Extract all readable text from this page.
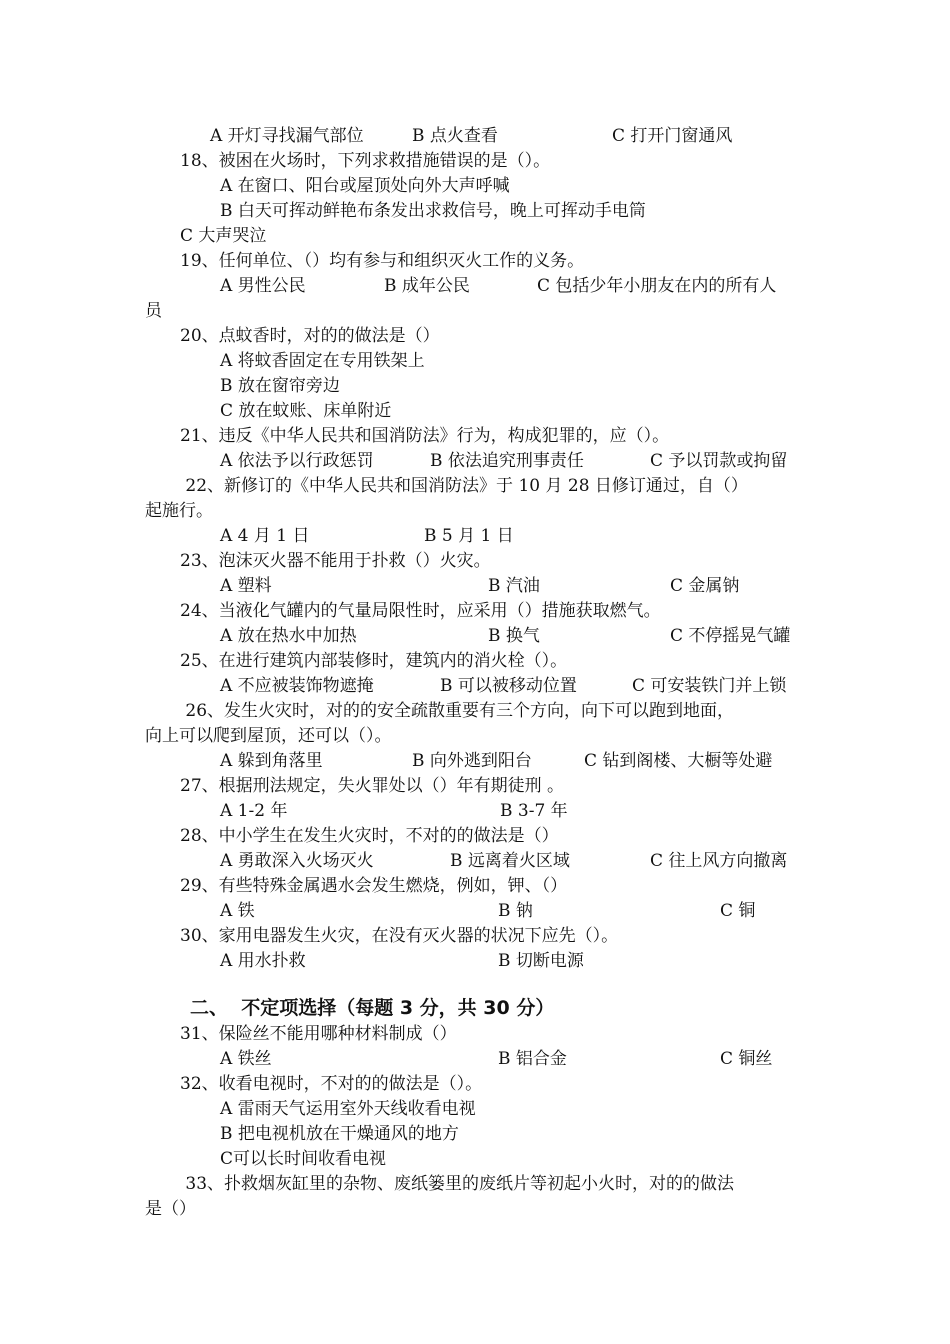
A 开灯寻找漏气部位	B 点火查看	C 打开门窗通风
18、被困在火场时，下列求救措施错误的是（）。
A 在窗口、阳台或屋顶处向外大声呼喊
B 白天可挥动鲜艳布条发出求救信号，晚上可挥动手电筒
C 大声哭泣
19、任何单位、（）均有参与和组织灭火工作的义务。
A 男性公民	B 成年公民	C 包括少年小朋友在内的所有人
员
20、点蚊香时，对的的做法是（）
A 将蚊香固定在专用铁架上
B 放在窗帘旁边
C 放在蚊账、床单附近
21、违反《中华人民共和国消防法》行为，构成犯罪的，应（）。
A 依法予以行政惩罚	B 依法追究刑事责任	C 予以罚款或拘留
22、新修订的《中华人民共和国消防法》于 10 月 28 日修订通过，自（）
起施行。
A 4 月 1 日	B 5 月 1 日
23、泡沫灭火器不能用于扑救（）火灾。
A 塑料	B 汽油	C 金属钠
24、当液化气罐内的气量局限性时，应采用（）措施获取燃气。
A 放在热水中加热	B 换气	C 不停摇晃气罐
25、在进行建筑内部装修时，建筑内的消火栓（）。
A 不应被装饰物遮掩	B 可以被移动位置	C 可安装铁门并上锁
26、发生火灾时，对的的安全疏散重要有三个方向，向下可以跑到地面，
向上可以爬到屋顶，还可以（）。
A 躲到角落里	B 向外逃到阳台	C 钻到阁楼、大橱等处避
27、根据刑法规定，失火罪处以（）年有期徒刑 。
A 1-2 年	B 3-7 年
28、中小学生在发生火灾时，不对的的做法是（）
A 勇敢深入火场灭火	B 远离着火区域	C 往上风方向撤离
29、有些特殊金属遇水会发生燃烧，例如，钾、（）
A 铁	B 钠	C 铜
30、家用电器发生火灾，在没有灭火器的状况下应先（）。
A 用水扑救	B 切断电源
二、  不定项选择（每题 3 分，共 30 分）
31、保险丝不能用哪种材料制成（）
A 铁丝	B 铝合金	C 铜丝
32、收看电视时，不对的的做法是（）。
A 雷雨天气运用室外天线收看电视
B 把电视机放在干燥通风的地方
C可以长时间收看电视
33、扑救烟灰缸里的杂物、废纸篓里的废纸片等初起小火时，对的的做法
是（）
